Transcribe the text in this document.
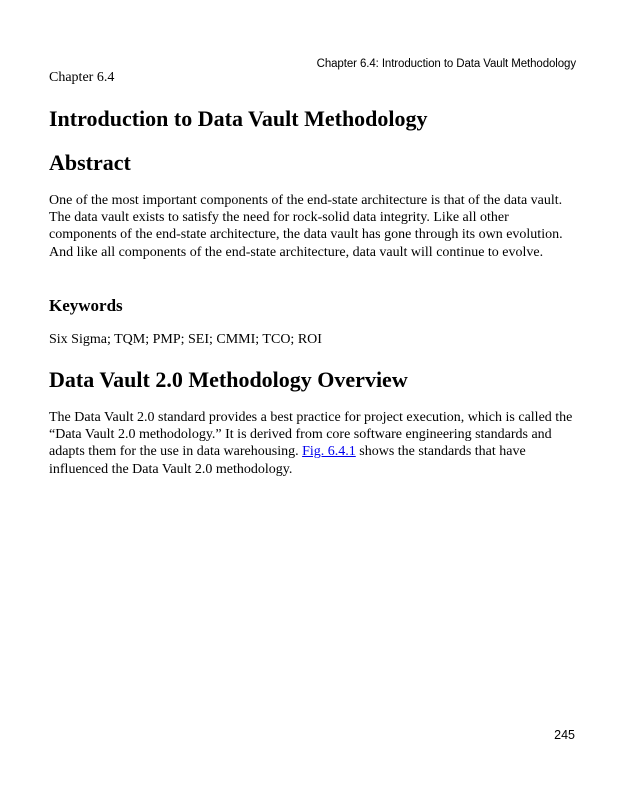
Chapter 6.4: Introduction to Data Vault Methodology
Chapter 6.4
Introduction to Data Vault Methodology
Abstract

One of the most important components of the end-state architecture is that of the data vault. The data vault exists to satisfy the need for rock-solid data integrity. Like all other components of the end-state architecture, the data vault has gone through its own evolution. And like all components of the end-state architecture, data vault will continue to evolve.

Keywords

Six Sigma; TQM; PMP; SEI; CMMI; TCO; ROI

Data Vault 2.0 Methodology Overview

The Data Vault 2.0 standard provides a best practice for project execution, which is called the “Data Vault 2.0 methodology.” It is derived from core software engineering standards and adapts them for the use in data warehousing. Fig. 6.4.1 shows the standards that have influenced the Data Vault 2.0 methodology.

245
